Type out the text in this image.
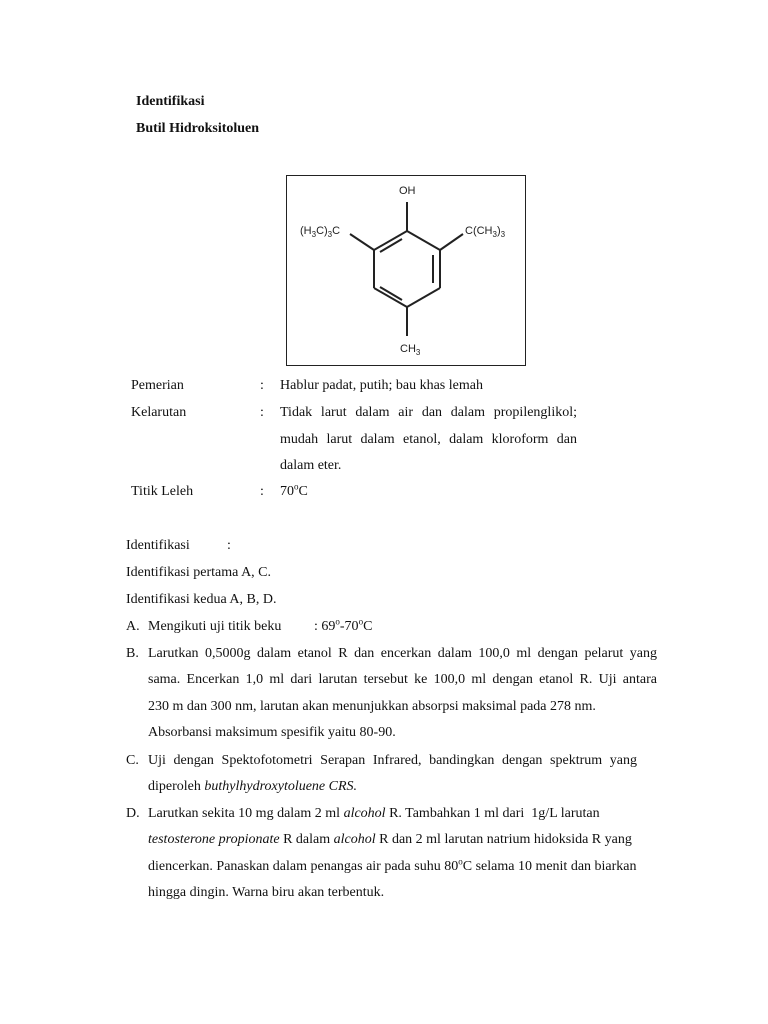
Identifikasi
Butil Hidroksitoluen
OH
$(H_3C)_3C$	$C(CH_3)_3$
$CH_3$
Pemerian	: Hablur padat, putih; bau khas lemah
Kelarutan	: Tidak larut dalam air dan dalam propilenglikol;
mudah larut dalam etanol, dalam kloroform dan
dalam eter.
Titik Leleh	: 70$^o$C
Identifikasi	:
Identifikasi pertama A, C.
Identifikasi kedua A, B, D.
A. Mengikuti uji titik beku : 69$^o$-70$^o$C
B. Larutkan 0,5000g dalam etanol R dan encerkan dalam 100,0 ml dengan pelarut yang
sama. Encerkan 1,0 ml dari larutan tersebut ke 100,0 ml dengan etanol R. Uji antara
230 m dan 300 nm, larutan akan menunjukkan absorpsi maksimal pada 278 nm.
Absorbansi maksimum spesifik yaitu 80-90.
C. Uji dengan Spektofotometri Serapan Infrared, bandingkan dengan spektrum yang
diperoleh buthylhydroxytoluene CRS.
D. Larutkan sekita 10 mg dalam 2 ml alcohol R. Tambahkan 1 ml dari  1g/L larutan
testosterone propionate R dalam alcohol R dan 2 ml larutan natrium hidoksida R yang
diencerkan. Panaskan dalam penangas air pada suhu 80$^o$C selama 10 menit dan biarkan
hingga dingin. Warna biru akan terbentuk.
